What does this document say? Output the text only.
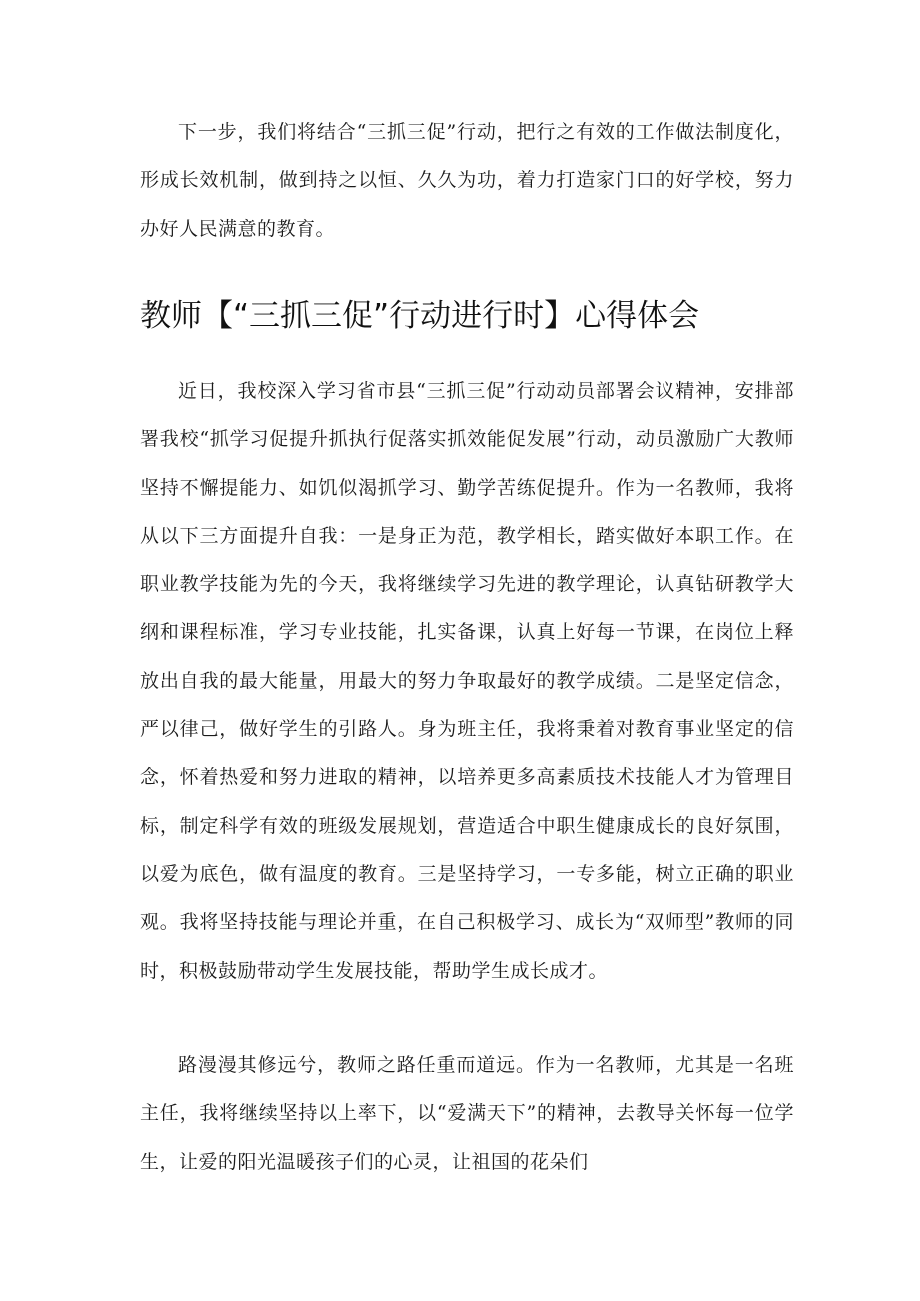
下一步，我们将结合“三抓三促”行动，把行之有效的工作做法制度化，形成长效机制，做到持之以恒、久久为功，着力打造家门口的好学校，努力办好人民满意的教育。

教师【“三抓三促”行动进行时】心得体会

近日，我校深入学习省市县“三抓三促”行动动员部署会议精神，安排部署我校“抓学习促提升抓执行促落实抓效能促发展”行动，动员激励广大教师坚持不懈提能力、如饥似渴抓学习、勤学苦练促提升。作为一名教师，我将从以下三方面提升自我：一是身正为范，教学相长，踏实做好本职工作。在职业教学技能为先的今天，我将继续学习先进的教学理论，认真钻研教学大纲和课程标准，学习专业技能，扎实备课，认真上好每一节课，在岗位上释放出自我的最大能量，用最大的努力争取最好的教学成绩。二是坚定信念，严以律己，做好学生的引路人。身为班主任，我将秉着对教育事业坚定的信念，怀着热爱和努力进取的精神，以培养更多高素质技术技能人才为管理目标，制定科学有效的班级发展规划，营造适合中职生健康成长的良好氛围，以爱为底色，做有温度的教育。三是坚持学习，一专多能，树立正确的职业观。我将坚持技能与理论并重，在自己积极学习、成长为“双师型”教师的同时，积极鼓励带动学生发展技能，帮助学生成长成才。

路漫漫其修远兮，教师之路任重而道远。作为一名教师，尤其是一名班主任，我将继续坚持以上率下，以“爱满天下”的精神，去教导关怀每一位学生，让爱的阳光温暖孩子们的心灵，让祖国的花朵们
